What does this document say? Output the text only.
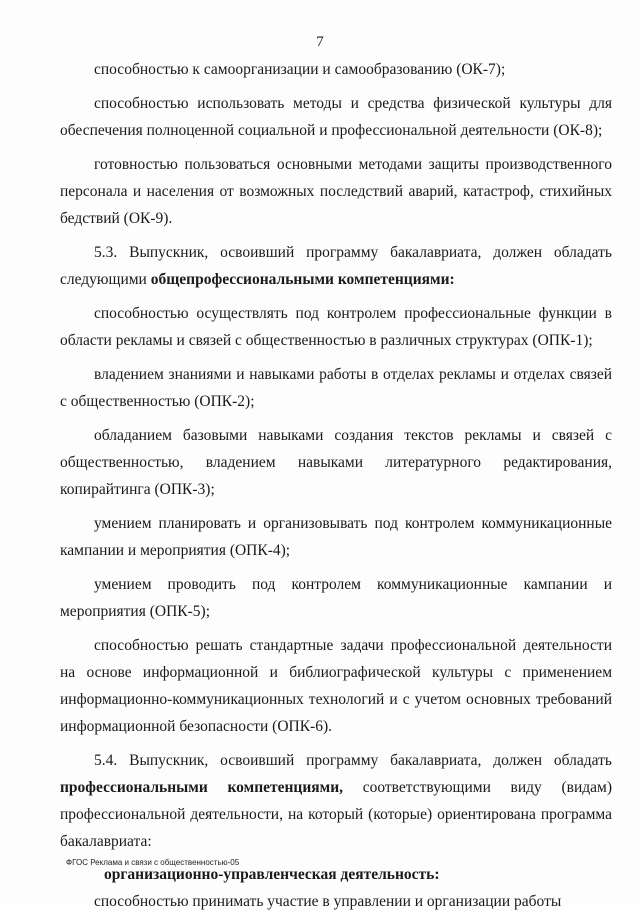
7

способностью к самоорганизации и самообразованию (ОК-7);

способностью использовать методы и средства физической культуры для обеспечения полноценной социальной и профессиональной деятельности (ОК-8);

готовностью пользоваться основными методами защиты производственного персонала и населения от возможных последствий аварий, катастроф, стихийных бедствий (ОК-9).

5.3. Выпускник, освоивший программу бакалавриата, должен обладать следующими общепрофессиональными компетенциями:

способностью осуществлять под контролем профессиональные функции в области рекламы и связей с общественностью в различных структурах (ОПК-1);

владением знаниями и навыками работы в отделах рекламы и отделах связей с общественностью (ОПК-2);

обладанием базовыми навыками создания текстов рекламы и связей с общественностью, владением навыками литературного редактирования, копирайтинга (ОПК-3);

умением планировать и организовывать под контролем коммуникационные кампании и мероприятия (ОПК-4);

умением проводить под контролем коммуникационные кампании и мероприятия (ОПК-5);

способностью решать стандартные задачи профессиональной деятельности на основе информационной и библиографической культуры с применением информационно-коммуникационных технологий и с учетом основных требований информационной безопасности (ОПК-6).

5.4. Выпускник, освоивший программу бакалавриата, должен обладать профессиональными компетенциями, соответствующими виду (видам) профессиональной деятельности, на который (которые) ориентирована программа бакалавриата:

организационно-управленческая деятельность:

способностью принимать участие в управлении и организации работы

ФГОС Реклама и связи с общественностью-05
